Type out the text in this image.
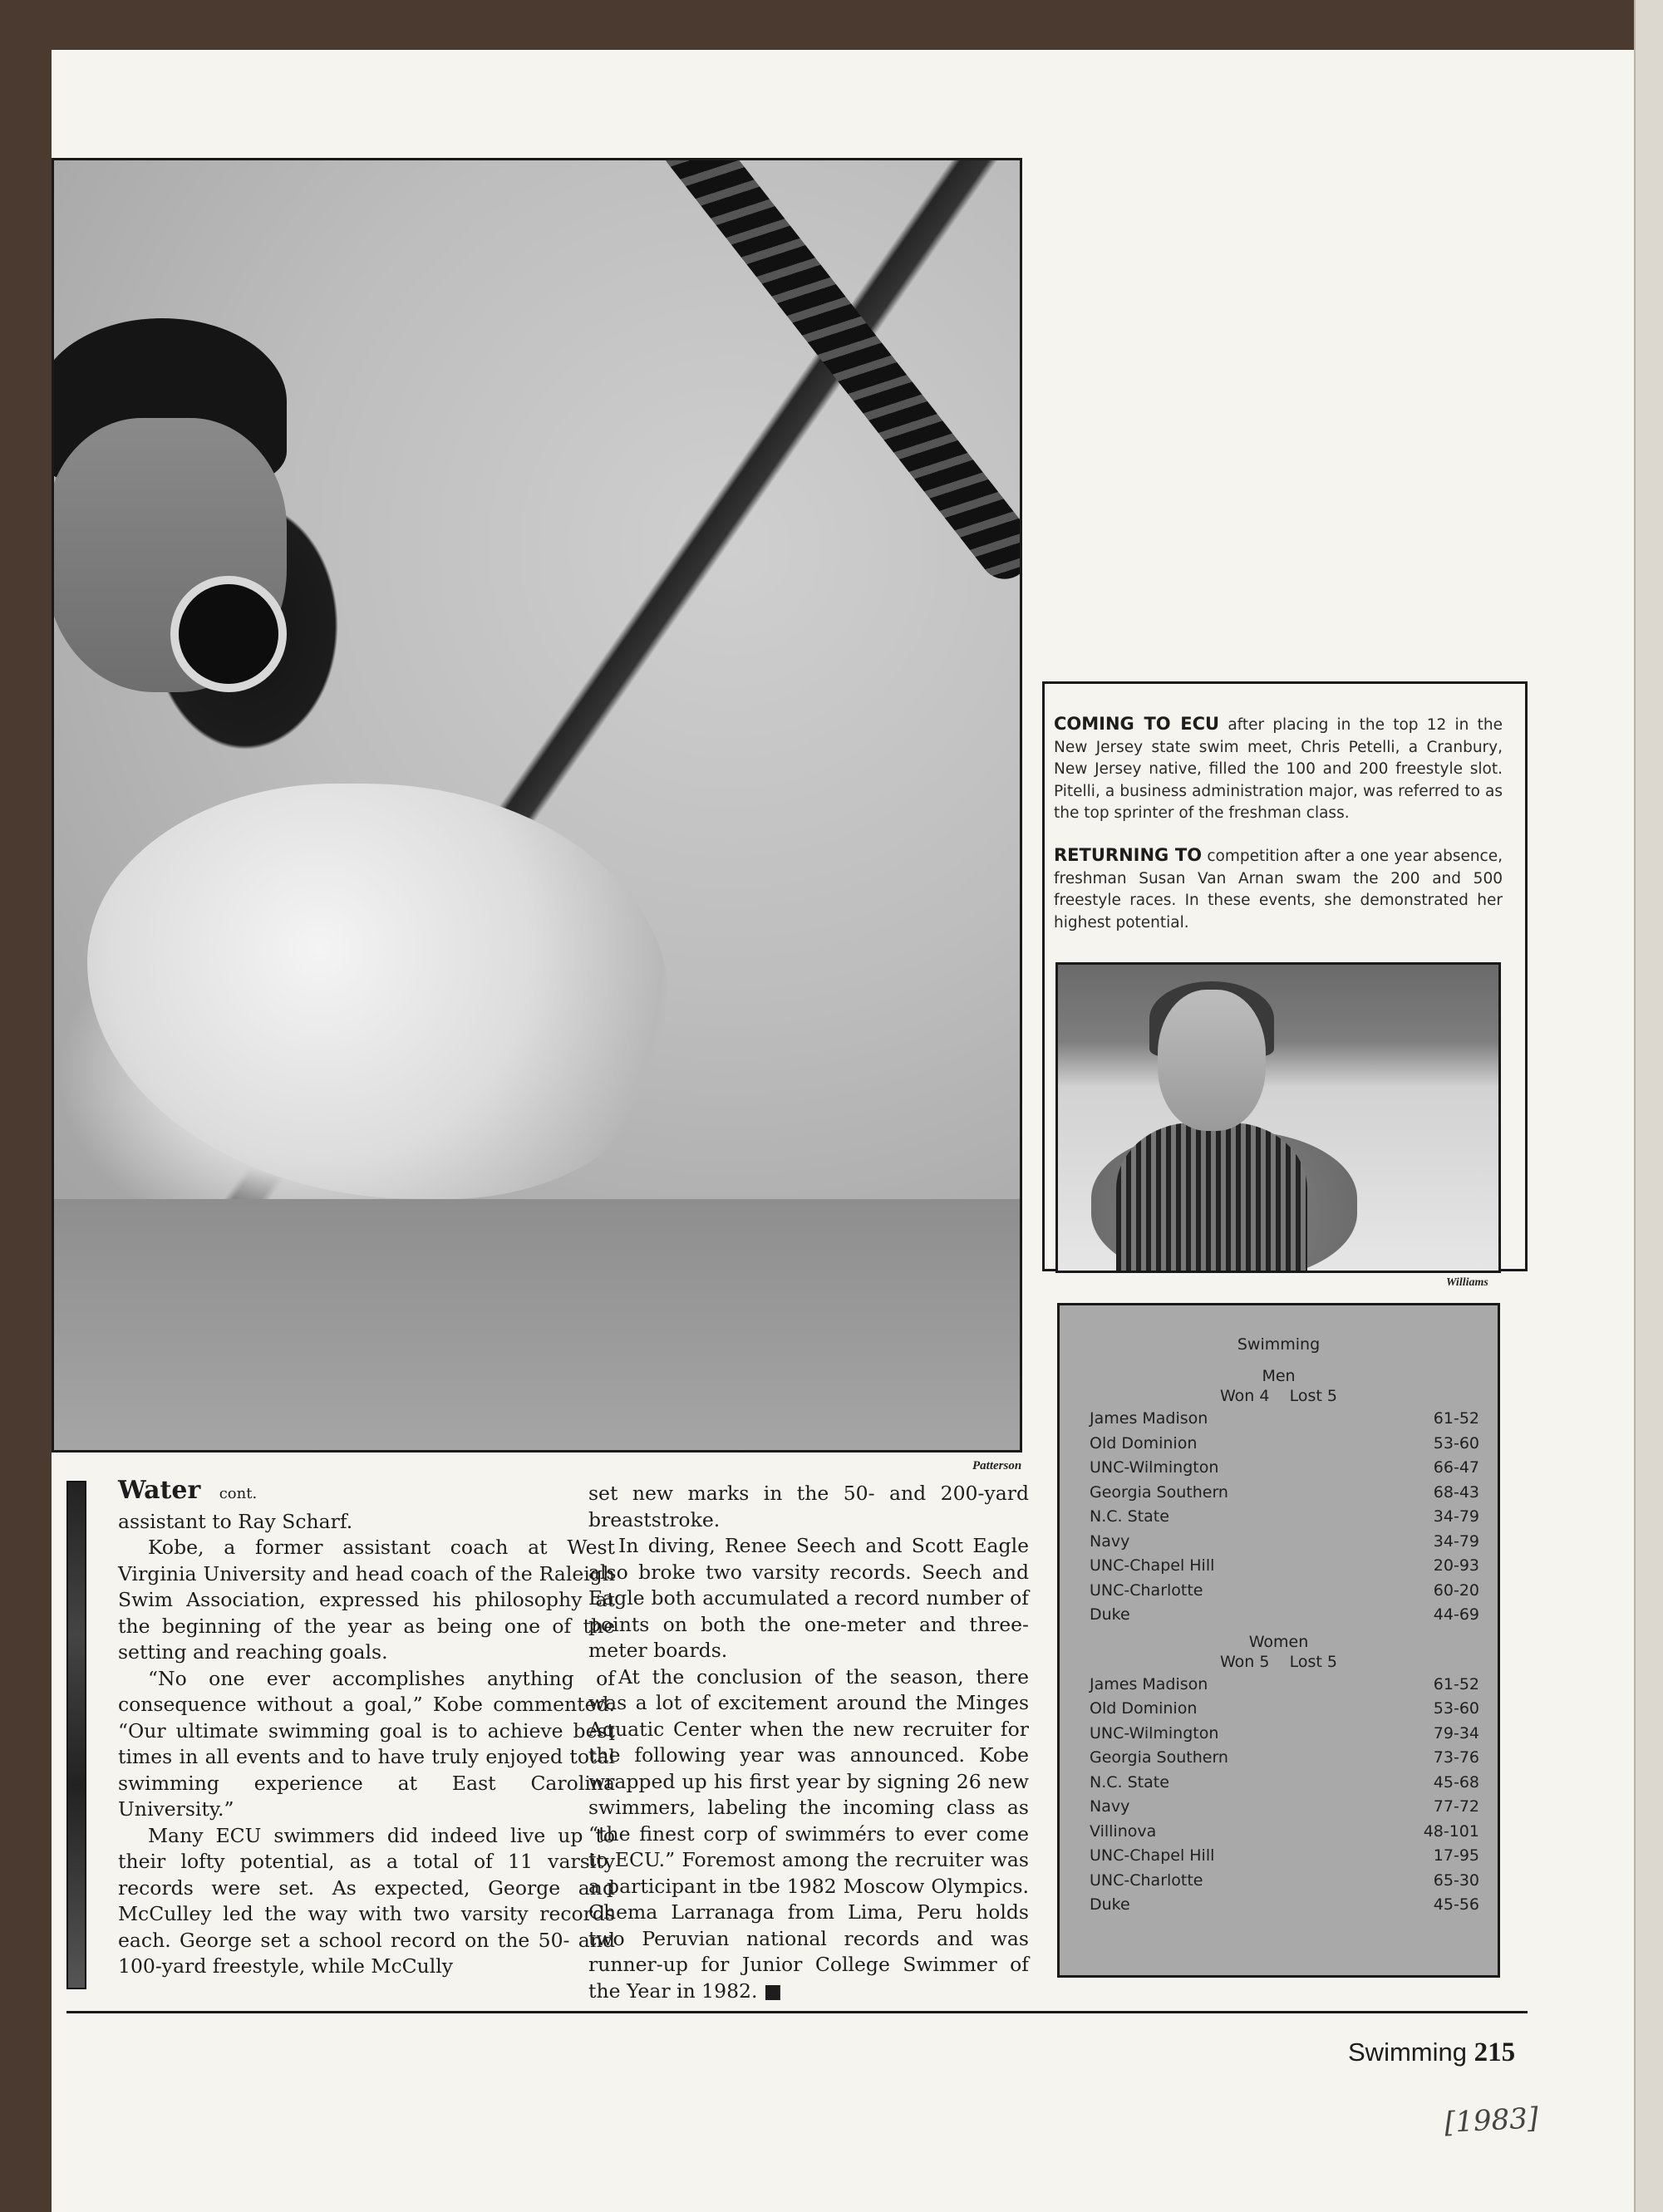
Patterson
COMING TO ECU after placing in the top 12 in the New Jersey state swim meet, Chris Petelli, a Cranbury, New Jersey native, filled the 100 and 200 freestyle slot. Pitelli, a business administration major, was referred to as the top sprinter of the freshman class.
RETURNING TO competition after a one year absence, freshman Susan Van Arnan swam the 200 and 500 freestyle races. In these events, she demonstrated her highest potential.
Williams
Swimming
Men
Won 4    Lost 5
James Madison	61-52
Old Dominion	53-60
UNC-Wilmington	66-47
Georgia Southern	68-43
N.C. State	34-79
Navy	34-79
UNC-Chapel Hill	20-93
UNC-Charlotte	60-20
Duke	44-69
Women
Won 5    Lost 5
James Madison	61-52
Old Dominion	53-60
UNC-Wilmington	79-34
Georgia Southern	73-76
N.C. State	45-68
Navy	77-72
Villinova	48-101
UNC-Chapel Hill	17-95
UNC-Charlotte	65-30
Duke	45-56

Water cont.

assistant to Ray Scharf.

Kobe, a former assistant coach at West Virginia University and head coach of the Raleigh Swim Association, expressed his philosophy at the beginning of the year as being one of the setting and reaching goals.

“No one ever accomplishes anything of consequence without a goal,” Kobe commented. “Our ultimate swimming goal is to achieve best times in all events and to have truly enjoyed total swimming experience at East Carolina University.”

Many ECU swimmers did indeed live up to their lofty potential, as a total of 11 varsity records were set. As expected, George and McCulley led the way with two varsity records each. George set a school record on the 50- and 100-yard freestyle, while McCully

set new marks in the 50- and 200-yard breaststroke.

In diving, Renee Seech and Scott Eagle also broke two varsity records. Seech and Eagle both accumulated a record number of points on both the one-meter and three-meter boards.

At the conclusion of the season, there was a lot of excitement around the Minges Aquatic Center when the new recruiter for the following year was announced. Kobe wrapped up his first year by signing 26 new swimmers, labeling the incoming class as “the finest corp of swimmérs to ever come to ECU.” Foremost among the recruiter was a participant in tbe 1982 Moscow Olympics. Chema Larranaga from Lima, Peru holds two Peruvian national records and was runner-up for Junior College Swimmer of the Year in 1982. ■

Swimming 215
[1983]
